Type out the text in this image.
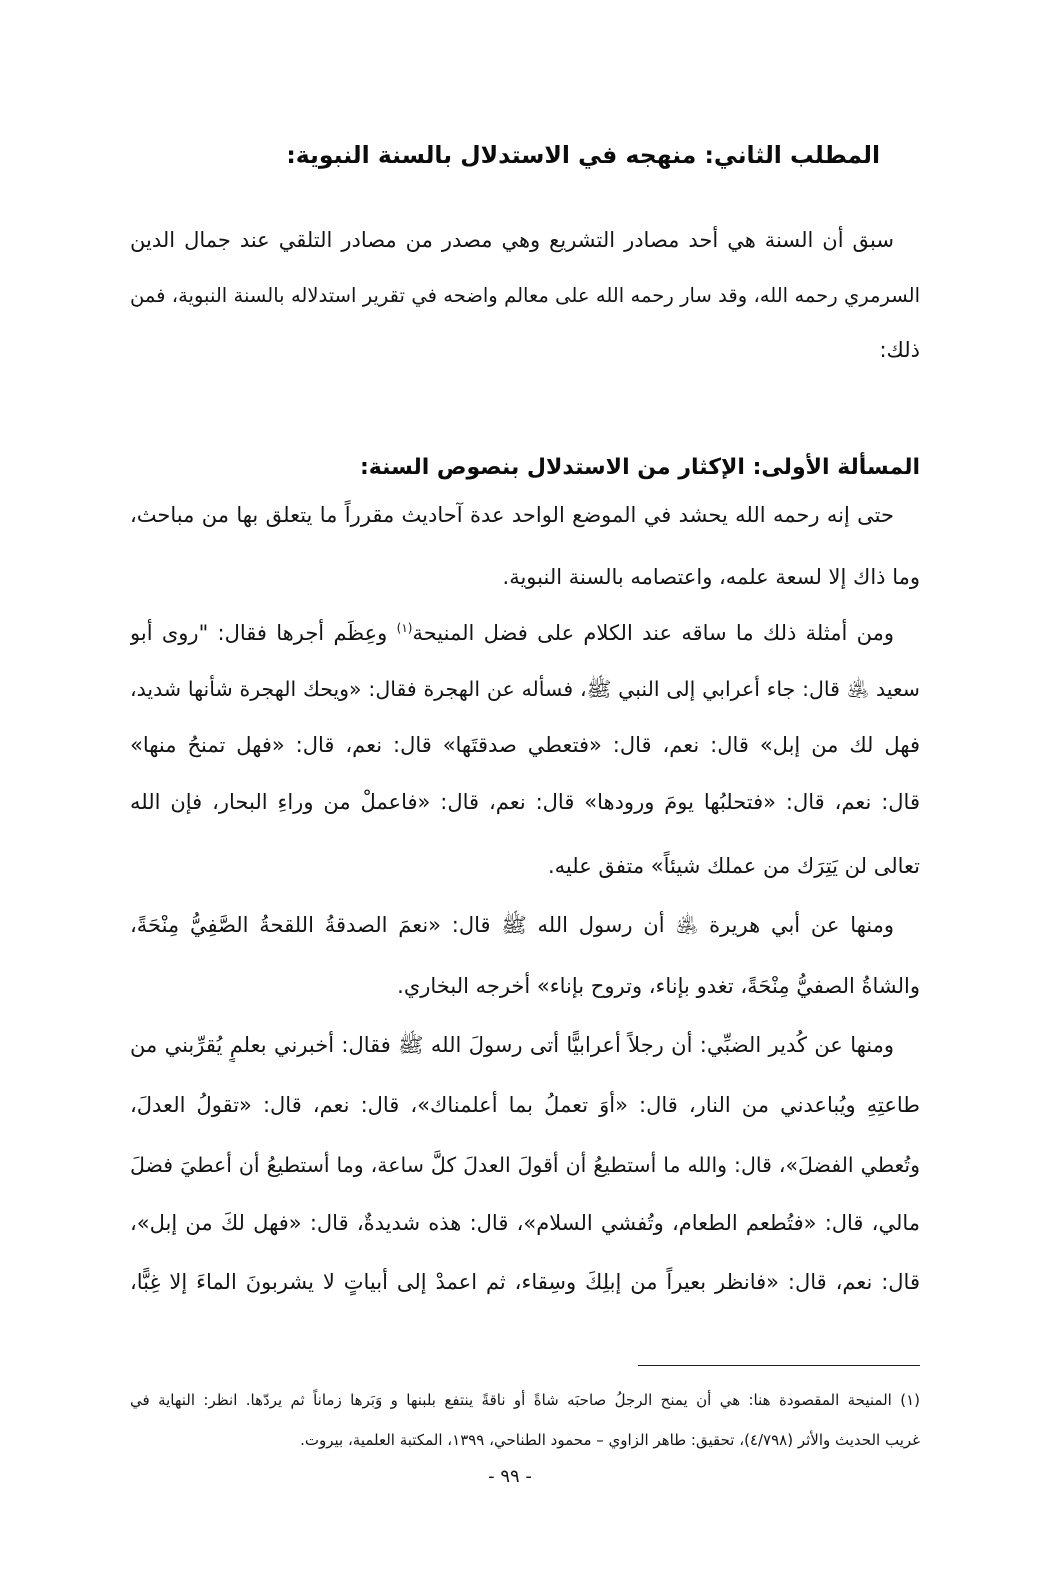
المطلب الثاني: منهجه في الاستدلال بالسنة النبوية:
سبق أن السنة هي أحد مصادر التشريع وهي مصدر من مصادر التلقي عند جمال الدين
السرمري رحمه الله، وقد سار رحمه الله على معالم واضحه في تقرير استدلاله بالسنة النبوية، فمن
ذلك:
المسألة الأولى: الإكثار من الاستدلال بنصوص السنة:
حتى إنه رحمه الله يحشد في الموضع الواحد عدة آحاديث مقرراً ما يتعلق بها من مباحث،
وما ذاك إلا لسعة علمه، واعتصامه بالسنة النبوية.
ومن أمثلة ذلك ما ساقه عند الكلام على فضل المنيحة$^{(١)}$ وعِظَم أجرها فقال: "روى أبو
سعيد ﵁ قال: جاء أعرابي إلى النبي ﷺ، فسأله عن الهجرة فقال: «ويحك الهجرة شأنها شديد،
فهل لك من إبل» قال: نعم، قال: «فتعطي صدقتَها» قال: نعم، قال: «فهل تمنحُ منها»
قال: نعم، قال: «فتحلبُها يومَ ورودها» قال: نعم، قال: «فاعملْ من وراءِ البحار، فإن الله
تعالى لن يَتِرَك من عملك شيئاً» متفق عليه.
ومنها عن أبي هريرة ﵁ أن رسول الله ﷺ قال: «نعمَ الصدقةُ اللقحةُ الصَّفِيُّ مِنْحَةً،
والشاةُ الصفيُّ مِنْحَةً، تغدو بإناء، وتروح بإناء» أخرجه البخاري.
ومنها عن كُدير الضبِّي: أن رجلاً أعرابيًّا أتى رسولَ الله ﷺ فقال: أخبرني بعلمٍ يُقرِّبني من
طاعتِهِ ويُباعدني من النار، قال: «أوَ تعملُ بما أعلمناك»، قال: نعم، قال: «تقولُ العدلَ،
وتُعطي الفضلَ»، قال: والله ما أستطيعُ أن أقولَ العدلَ كلَّ ساعة، وما أستطيعُ أن أعطيَ فضلَ
مالي، قال: «فتُطعم الطعام، وتُفشي السلام»، قال: هذه شديدةٌ، قال: «فهل لكَ من إبل»،
قال: نعم، قال: «فانظر بعيراً من إبلِكَ وسِقاء، ثم اعمدْ إلى أبياتٍ لا يشربونَ الماءَ إلا غِبًّا،
(١) المنيحة المقصودة هنا: هي أن يمنح الرجلُ صاحبَه شاةً أو ناقةً ينتفع بلبنها و وَبَرها زماناً ثم يردّها. انظر: النهاية في
غريب الحديث والأثر (٤/٧٩٨)، تحقيق: طاهر الزاوي – محمود الطناحي، ١٣٩٩، المكتبة العلمية، بيروت.
- ٩٩ -
